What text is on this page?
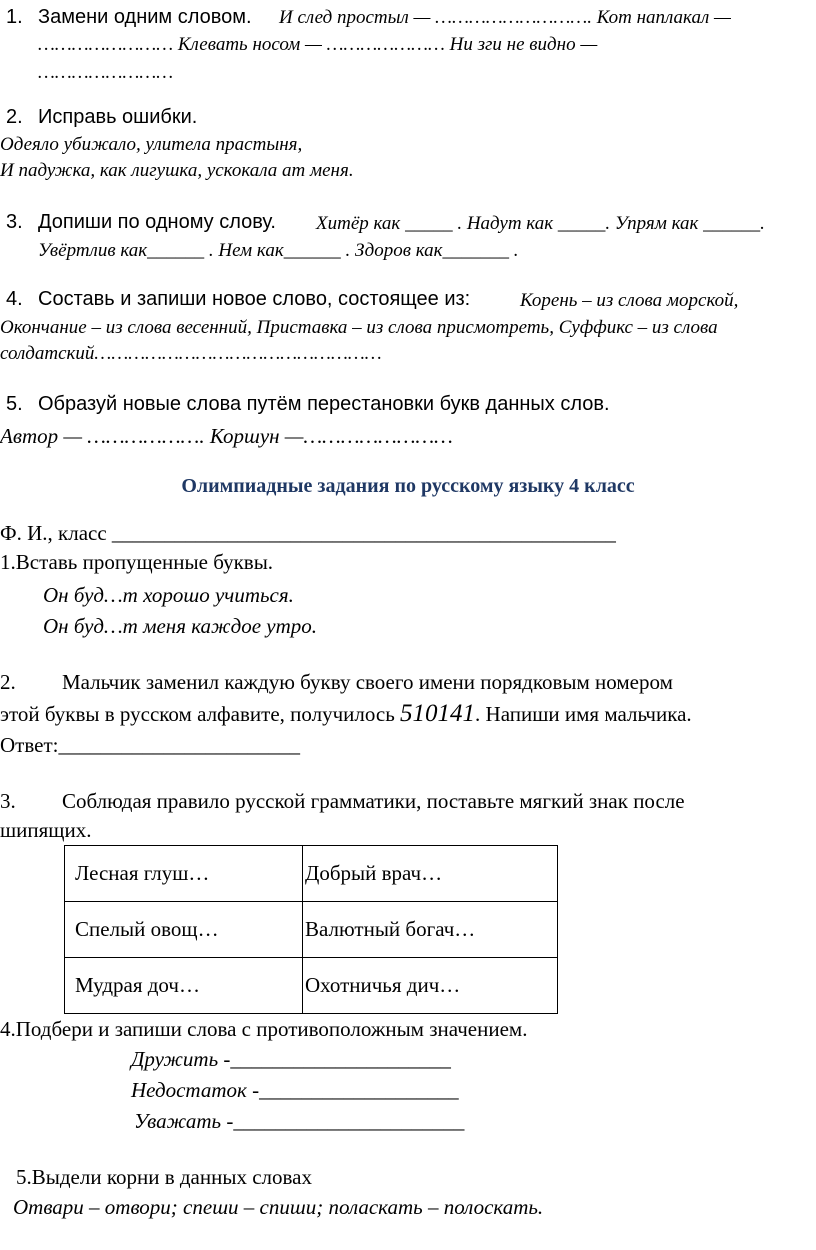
1. Замени одним словом. И след простыл — ………………………. Кот наплакал —
…………………… Клевать носом — ………………… Ни зги не видно —
……………………
2. Исправь ошибки.
Одеяло убижало, улитела прастыня,
И падужка, как лигушка, ускокала ат меня.
3. Допиши по одному слову. Хитёр как _____ . Надут как _____. Упрям как ______.
Увёртлив как______ . Нем как______ . Здоров как_______ .
4. Составь и запиши новое слово, состоящее из:	Корень – из слова морской,
Окончание – из слова весенний, Приставка – из слова присмотреть, Суффикс – из слова
солдатский……………………………………………
5. Образуй новые слова путём перестановки букв данных слов.
Автор — ………………. Коршун —……………………
Олимпиадные задания по русскому языку 4 класс
Ф. И., класс ________________________________________________
1.Вставь пропущенные буквы.
Он буд…т хорошо учиться.
Он буд…т меня каждое утро.
2. Мальчик заменил каждую букву своего имени порядковым номером
этой буквы в русском алфавите, получилось 510141. Напиши имя мальчика.
Ответ:_______________________
3. Соблюдая правило русской грамматики, поставьте мягкий знак после
шипящих.
Лесная глуш…	Добрый врач…
Спелый овощ…	Валютный богач…
Мудрая доч…	Охотничья дич…
4.Подбери и запиши слова с противоположным значением.
Дружить -_____________________
Недостаток -___________________
Уважать -______________________
5.Выдели корни в данных словах
Отвари – отвори; спеши – спиши; поласкать – полоскать.
